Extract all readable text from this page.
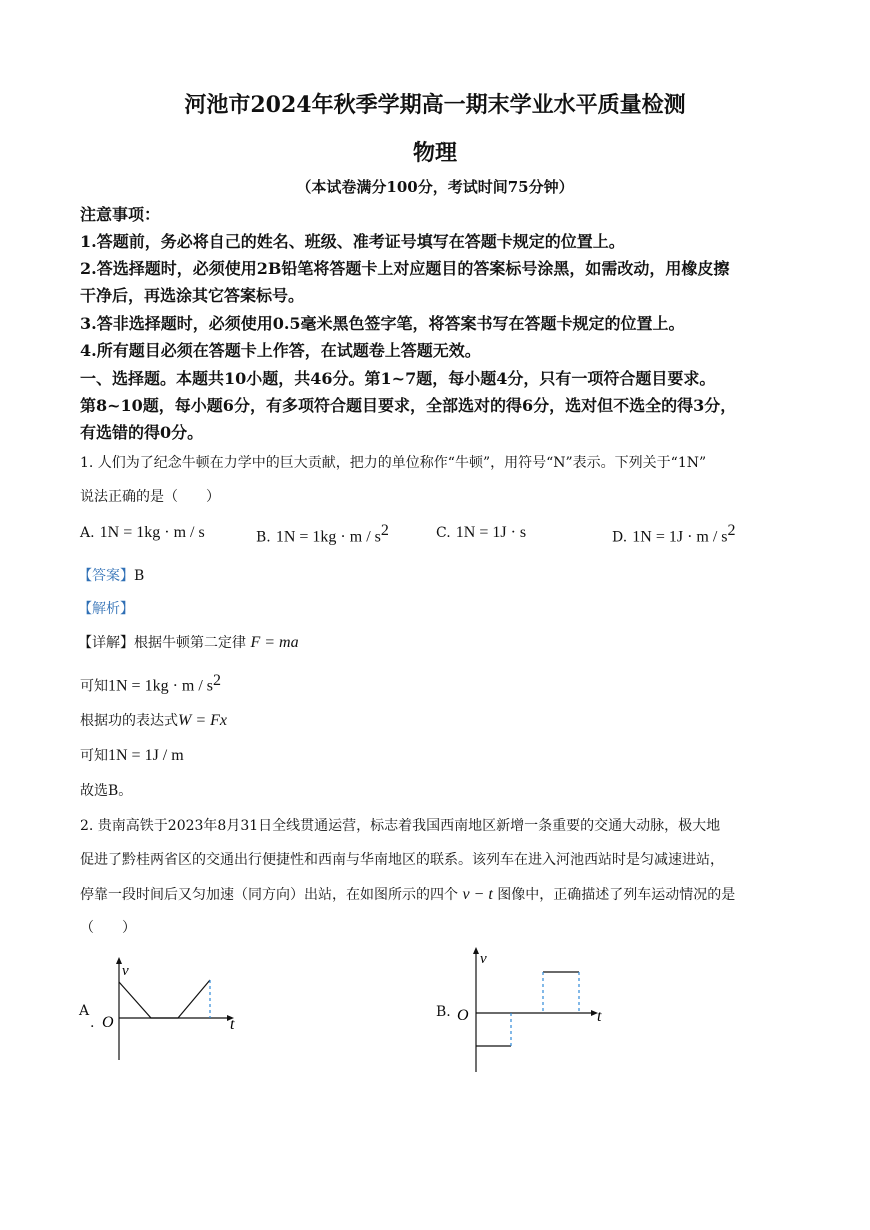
河池市2024年秋季学期高一期末学业水平质量检测
物理
（本试卷满分100分，考试时间75分钟）
注意事项：
1.答题前，务必将自己的姓名、班级、准考证号填写在答题卡规定的位置上。
2.答选择题时，必须使用2B铅笔将答题卡上对应题目的答案标号涂黑，如需改动，用橡皮擦
干净后，再选涂其它答案标号。
3.答非选择题时，必须使用0.5毫米黑色签字笔，将答案书写在答题卡规定的位置上。
4.所有题目必须在答题卡上作答，在试题卷上答题无效。
一、选择题。本题共10小题，共46分。第1~7题，每小题4分，只有一项符合题目要求。
第8~10题，每小题6分，有多项符合题目要求，全部选对的得6分，选对但不选全的得3分，
有选错的得0分。
1. 人们为了纪念牛顿在力学中的巨大贡献，把力的单位称作“牛顿”，用符号“N”表示。下列关于“1N”
说法正确的是（　　）
A. 1N = 1kg · m / s	B. $1N = 1kg \cdot m / s^2$	C. 1N = 1J · s	D. $1N = 1J \cdot m / s^2$
【答案】B
【解析】
【详解】根据牛顿第二定律 F = ma
可知$1N = 1kg \cdot m / s^2$
根据功的表达式W = Fx
可知1N = 1J / m
故选B。
2. 贵南高铁于2023年8月31日全线贯通运营，标志着我国西南地区新增一条重要的交通大动脉，极大地
促进了黔桂两省区的交通出行便捷性和西南与华南地区的联系。该列车在进入河池西站时是匀减速进站，
停靠一段时间后又匀加速（同方向）出站，在如图所示的四个 v − t 图像中，正确描述了列车运动情况的是
（　　）
A
.
v
O	t
B.
v
O	t
